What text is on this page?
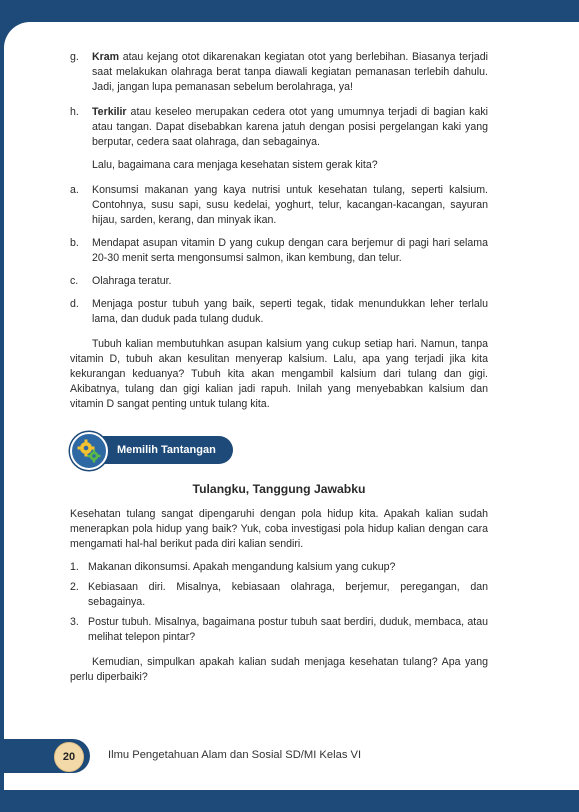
g. Kram atau kejang otot dikarenakan kegiatan otot yang berlebihan. Biasanya terjadi saat melakukan olahraga berat tanpa diawali kegiatan pemanasan terlebih dahulu. Jadi, jangan lupa pemanasan sebelum berolahraga, ya!
h. Terkilir atau keseleo merupakan cedera otot yang umumnya terjadi di bagian kaki atau tangan. Dapat disebabkan karena jatuh dengan posisi pergelangan kaki yang berputar, cedera saat olahraga, dan sebagainya.
Lalu, bagaimana cara menjaga kesehatan sistem gerak kita?
a. Konsumsi makanan yang kaya nutrisi untuk kesehatan tulang, seperti kalsium. Contohnya, susu sapi, susu kedelai, yoghurt, telur, kacangan-kacangan, sayuran hijau, sarden, kerang, dan minyak ikan.
b. Mendapat asupan vitamin D yang cukup dengan cara berjemur di pagi hari selama 20-30 menit serta mengonsumsi salmon, ikan kembung, dan telur.
c. Olahraga teratur.
d. Menjaga postur tubuh yang baik, seperti tegak, tidak menundukkan leher terlalu lama, dan duduk pada tulang duduk.
Tubuh kalian membutuhkan asupan kalsium yang cukup setiap hari. Namun, tanpa vitamin D, tubuh akan kesulitan menyerap kalsium. Lalu, apa yang terjadi jika kita kekurangan keduanya? Tubuh kita akan mengambil kalsium dari tulang dan gigi. Akibatnya, tulang dan gigi kalian jadi rapuh. Inilah yang menyebabkan kalsium dan vitamin D sangat penting untuk tulang kita.
Memilih Tantangan
Tulangku, Tanggung Jawabku
Kesehatan tulang sangat dipengaruhi dengan pola hidup kita. Apakah kalian sudah menerapkan pola hidup yang baik? Yuk, coba investigasi pola hidup kalian dengan cara mengamati hal-hal berikut pada diri kalian sendiri.
1. Makanan dikonsumsi. Apakah mengandung kalsium yang cukup?
2. Kebiasaan diri. Misalnya, kebiasaan olahraga, berjemur, peregangan, dan sebagainya.
3. Postur tubuh. Misalnya, bagaimana postur tubuh saat berdiri, duduk, membaca, atau melihat telepon pintar?
Kemudian, simpulkan apakah kalian sudah menjaga kesehatan tulang? Apa yang perlu diperbaiki?
20	Ilmu Pengetahuan Alam dan Sosial SD/MI Kelas VI
